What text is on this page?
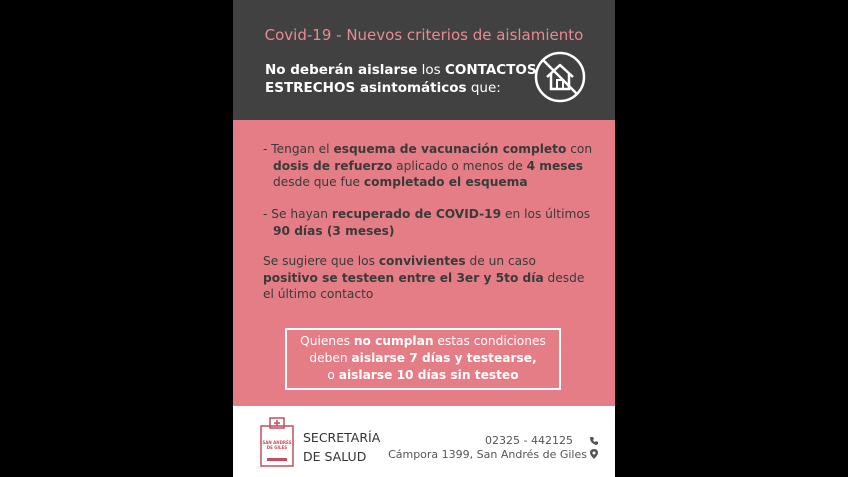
Covid-19 - Nuevos criterios de aislamiento
No deberán aislarse los CONTACTOS ESTRECHOS asintomáticos que:
- Tengan el esquema de vacunación completo con
dosis de refuerzo aplicado o menos de 4 meses
desde que fue completado el esquema
- Se hayan recuperado de COVID-19 en los últimos
90 días (3 meses)
Se sugiere que los convivientes de un caso positivo se testeen entre el 3er y 5to día desde el último contacto
Quienes no cumplan estas condiciones
deben aislarse 7 días y testearse,
o aislarse 10 días sin testeo
SAN ANDRÉS DE GILES
SECRETARÍA
DE SALUD
02325 - 442125
Cámpora 1399, San Andrés de Giles
